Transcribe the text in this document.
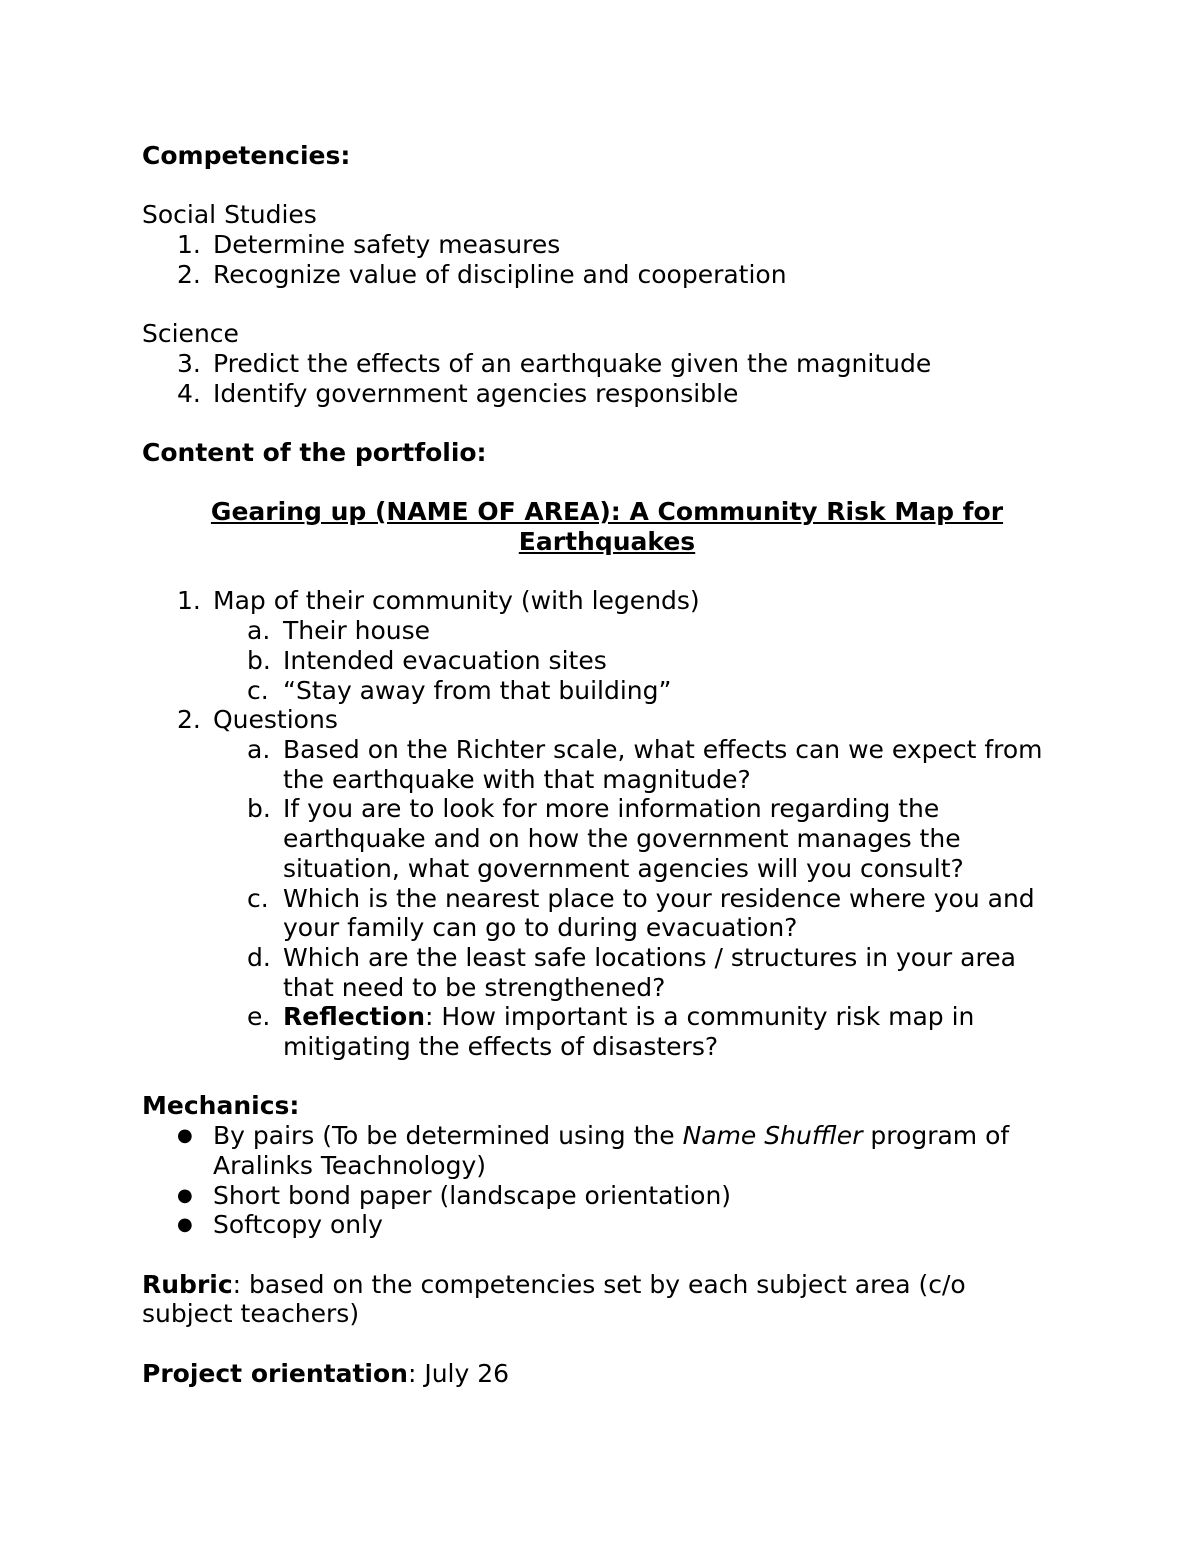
Competencies:

Social Studies

1. Determine safety measures
2. Recognize value of discipline and cooperation

Science

3. Predict the effects of an earthquake given the magnitude
4. Identify government agencies responsible

Content of the portfolio:

Gearing up (NAME OF AREA): A Community Risk Map for

Earthquakes

1. Map of their community (with legends)
a. Their house
b. Intended evacuation sites
c. “Stay away from that building”
2. Questions
a. Based on the Richter scale, what effects can we expect from
the earthquake with that magnitude?
b. If you are to look for more information regarding the
earthquake and on how the government manages the
situation, what government agencies will you consult?
c. Which is the nearest place to your residence where you and
your family can go to during evacuation?
d. Which are the least safe locations / structures in your area
that need to be strengthened?
e. Reflection: How important is a community risk map in
mitigating the effects of disasters?

Mechanics:

● By pairs (To be determined using the Name Shuffler program of
Aralinks Teachnology)
● Short bond paper (landscape orientation)
● Softcopy only

Rubric: based on the competencies set by each subject area (c/o

subject teachers)

Project orientation: July 26
